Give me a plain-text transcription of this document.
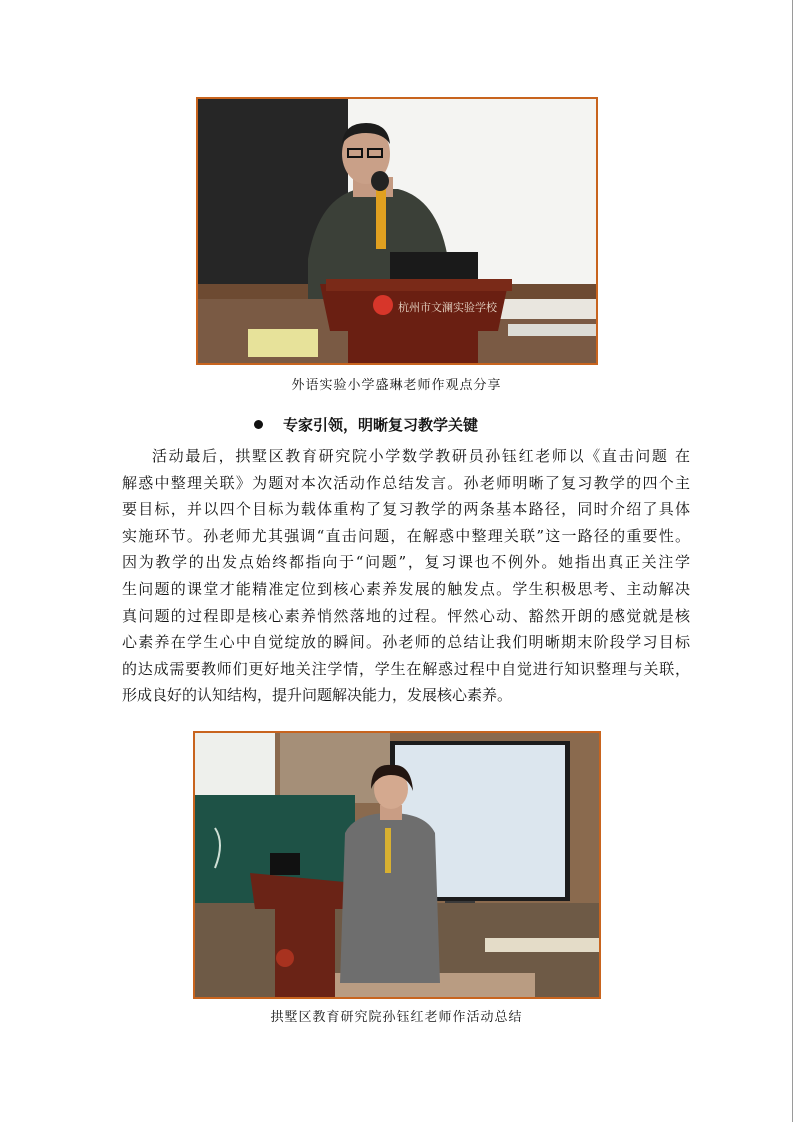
杭州市文澜实验学校
外语实验小学盛琳老师作观点分享
专家引领，明晰复习教学关键
活动最后，拱墅区教育研究院小学数学教研员孙钰红老师以《直击问题 在
解惑中整理关联》为题对本次活动作总结发言。孙老师明晰了复习教学的四个主
要目标，并以四个目标为载体重构了复习教学的两条基本路径，同时介绍了具体
实施环节。孙老师尤其强调“直击问题，在解惑中整理关联”这一路径的重要性。
因为教学的出发点始终都指向于“问题”，复习课也不例外。她指出真正关注学
生问题的课堂才能精准定位到核心素养发展的触发点。学生积极思考、主动解决
真问题的过程即是核心素养悄然落地的过程。怦然心动、豁然开朗的感觉就是核
心素养在学生心中自觉绽放的瞬间。孙老师的总结让我们明晰期末阶段学习目标
的达成需要教师们更好地关注学情，学生在解惑过程中自觉进行知识整理与关联，
形成良好的认知结构，提升问题解决能力，发展核心素养。
拱墅区教育研究院孙钰红老师作活动总结
